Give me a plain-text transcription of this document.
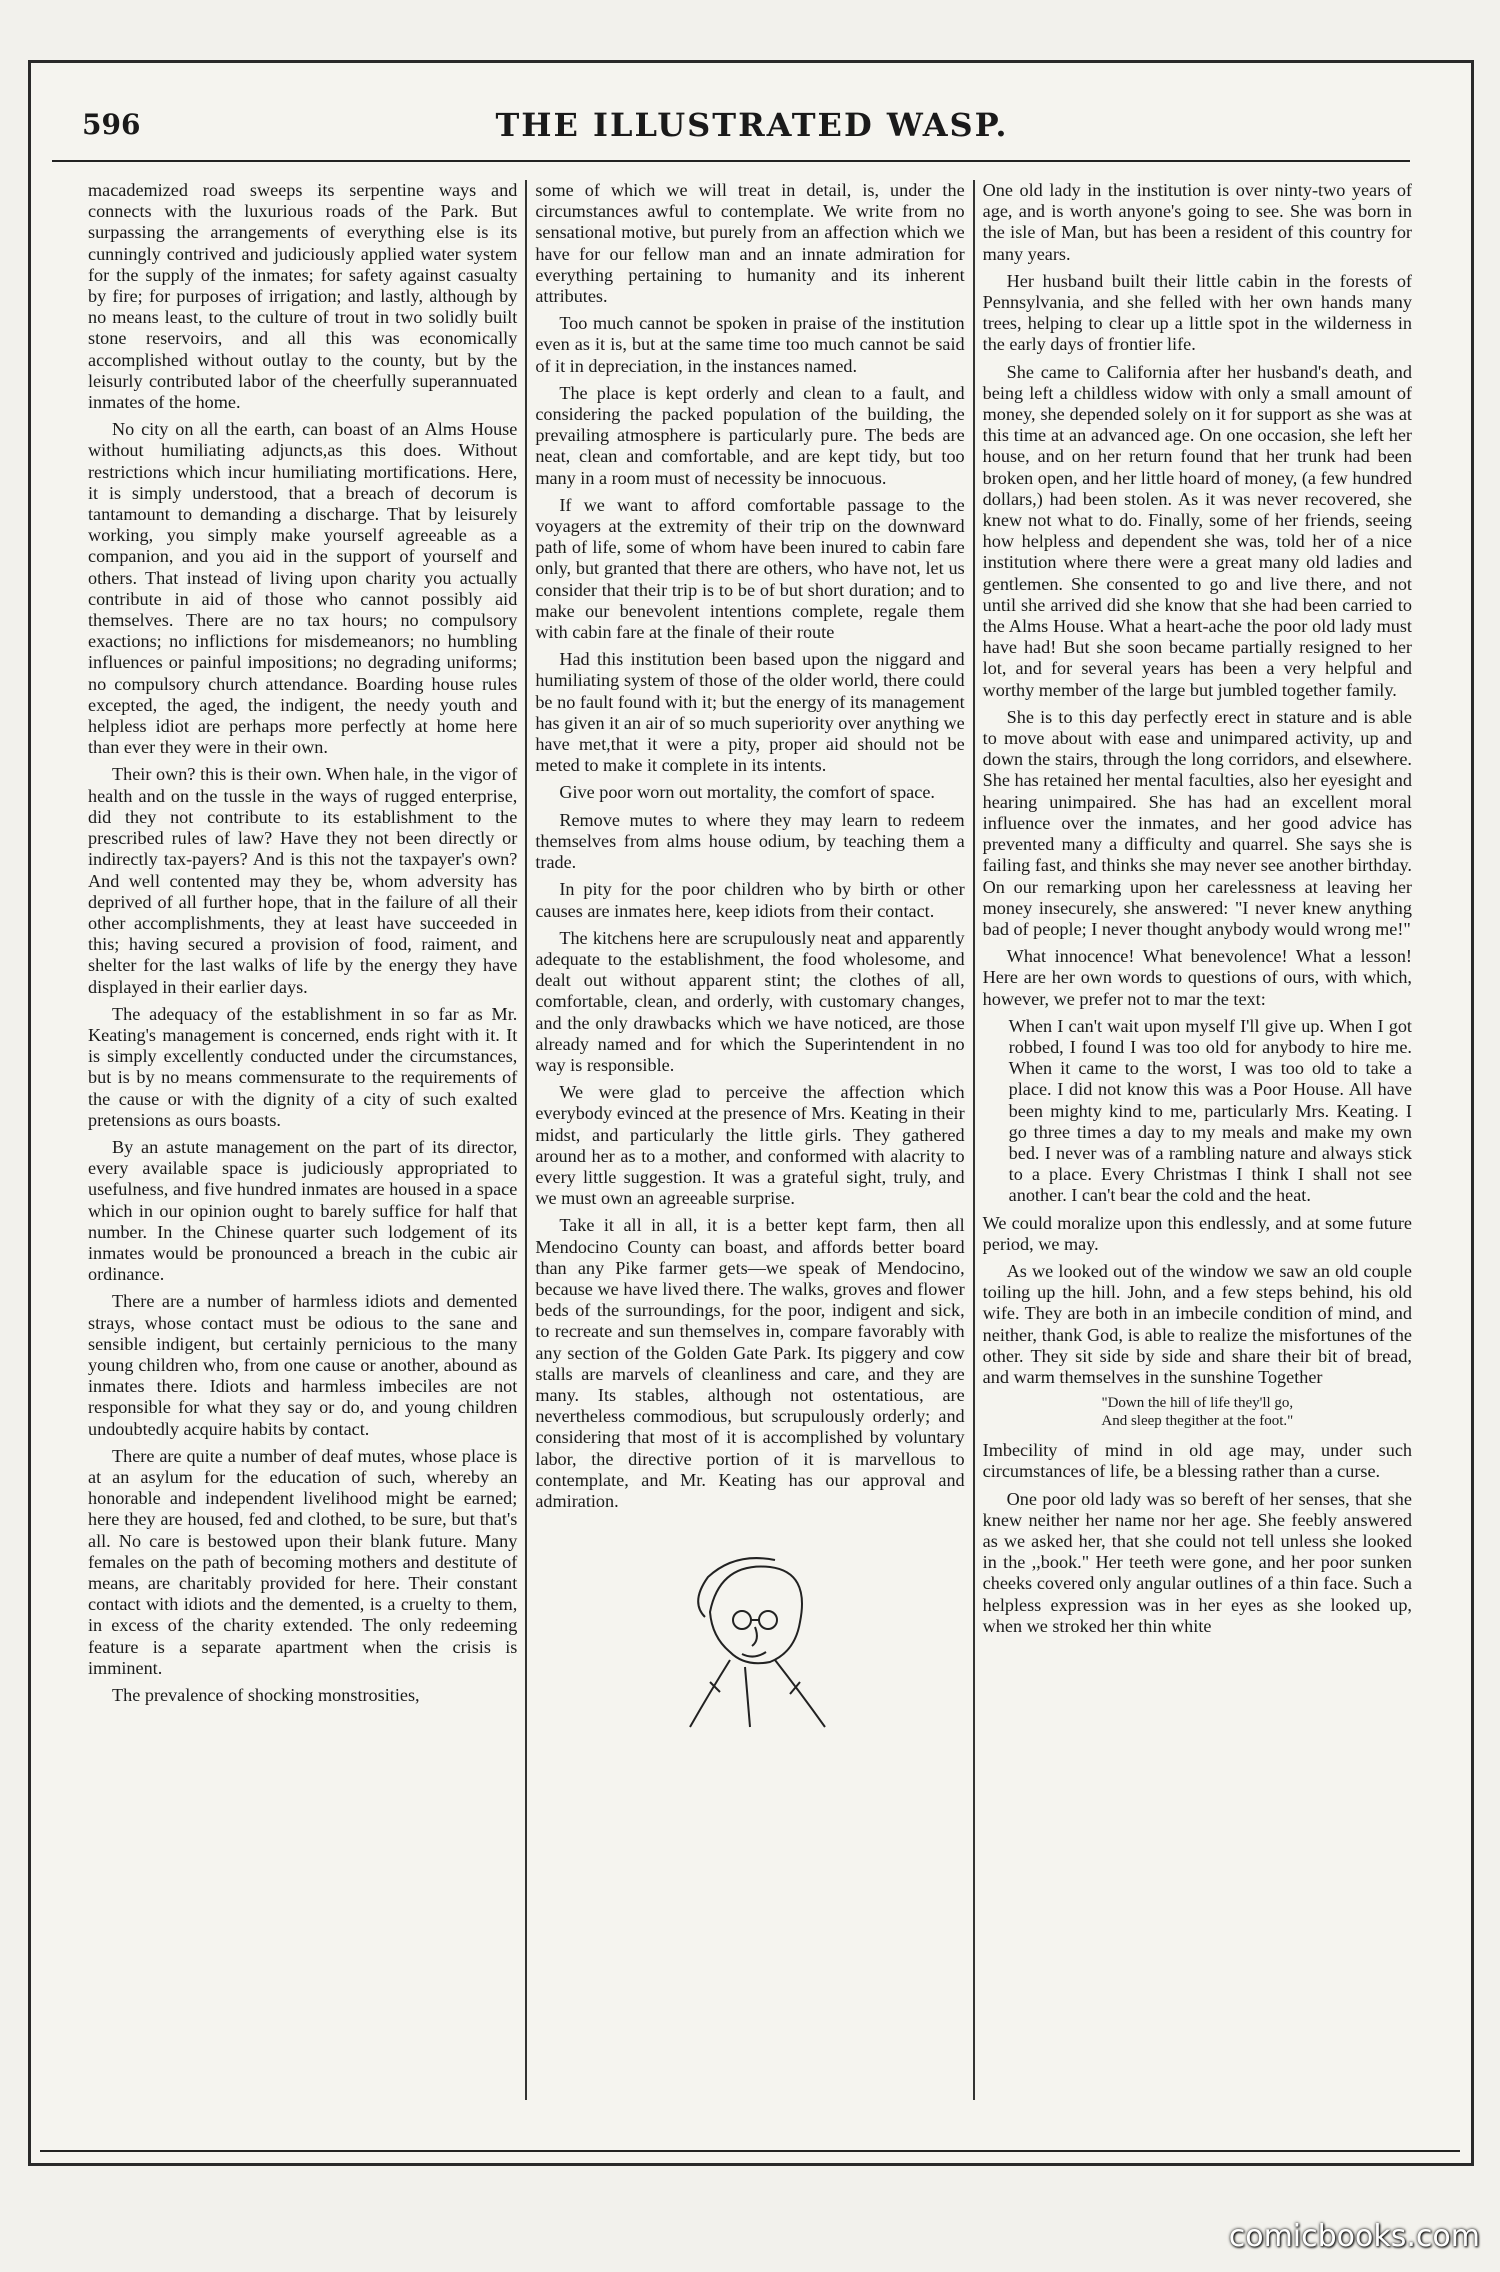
596	THE ILLUSTRATED WASP.

macademized road sweeps its serpentine ways and connects with the luxurious roads of the Park. But surpassing the arrangements of everything else is its cunningly contrived and judiciously applied water system for the supply of the inmates; for safety against casualty by fire; for purposes of irrigation; and lastly, although by no means least, to the culture of trout in two solidly built stone reservoirs, and all this was economically accomplished without outlay to the county, but by the leisurly contributed labor of the cheerfully superannuated inmates of the home.

No city on all the earth, can boast of an Alms House without humiliating adjuncts,as this does. Without restrictions which incur humiliating mortifications. Here, it is simply understood, that a breach of decorum is tantamount to demanding a discharge. That by leisurely working, you simply make yourself agreeable as a companion, and you aid in the support of yourself and others. That instead of living upon charity you actually contribute in aid of those who cannot possibly aid themselves. There are no tax hours; no compulsory exactions; no inflictions for misdemeanors; no humbling influences or painful impositions; no degrading uniforms; no compulsory church attendance. Boarding house rules excepted, the aged, the indigent, the needy youth and helpless idiot are perhaps more perfectly at home here than ever they were in their own.

Their own? this is their own. When hale, in the vigor of health and on the tussle in the ways of rugged enterprise, did they not contribute to its establishment to the prescribed rules of law? Have they not been directly or indirectly tax-payers? And is this not the taxpayer's own? And well contented may they be, whom adversity has deprived of all further hope, that in the failure of all their other accomplishments, they at least have succeeded in this; having secured a provision of food, raiment, and shelter for the last walks of life by the energy they have displayed in their earlier days.

The adequacy of the establishment in so far as Mr. Keating's management is concerned, ends right with it. It is simply excellently conducted under the circumstances, but is by no means commensurate to the requirements of the cause or with the dignity of a city of such exalted pretensions as ours boasts.

By an astute management on the part of its director, every available space is judiciously appropriated to usefulness, and five hundred inmates are housed in a space which in our opinion ought to barely suffice for half that number. In the Chinese quarter such lodgement of its inmates would be pronounced a breach in the cubic air ordinance.

There are a number of harmless idiots and demented strays, whose contact must be odious to the sane and sensible indigent, but certainly pernicious to the many young children who, from one cause or another, abound as inmates there. Idiots and harmless imbeciles are not responsible for what they say or do, and young children undoubtedly acquire habits by contact.

There are quite a number of deaf mutes, whose place is at an asylum for the education of such, whereby an honorable and independent livelihood might be earned; here they are housed, fed and clothed, to be sure, but that's all. No care is bestowed upon their blank future. Many females on the path of becoming mothers and destitute of means, are charitably provided for here. Their constant contact with idiots and the demented, is a cruelty to them, in excess of the charity extended. The only redeeming feature is a separate apartment when the crisis is imminent.

The prevalence of shocking monstrosities,

some of which we will treat in detail, is, under the circumstances awful to contemplate. We write from no sensational motive, but purely from an affection which we have for our fellow man and an innate admiration for everything pertaining to humanity and its inherent attributes.

Too much cannot be spoken in praise of the institution even as it is, but at the same time too much cannot be said of it in depreciation, in the instances named.

The place is kept orderly and clean to a fault, and considering the packed population of the building, the prevailing atmosphere is particularly pure. The beds are neat, clean and comfortable, and are kept tidy, but too many in a room must of necessity be innocuous.

If we want to afford comfortable passage to the voyagers at the extremity of their trip on the downward path of life, some of whom have been inured to cabin fare only, but granted that there are others, who have not, let us consider that their trip is to be of but short duration; and to make our benevolent intentions complete, regale them with cabin fare at the finale of their route

Had this institution been based upon the niggard and humiliating system of those of the older world, there could be no fault found with it; but the energy of its management has given it an air of so much superiority over anything we have met,that it were a pity, proper aid should not be meted to make it complete in its intents.

Give poor worn out mortality, the comfort of space.

Remove mutes to where they may learn to redeem themselves from alms house odium, by teaching them a trade.

In pity for the poor children who by birth or other causes are inmates here, keep idiots from their contact.

The kitchens here are scrupulously neat and apparently adequate to the establishment, the food wholesome, and dealt out without apparent stint; the clothes of all, comfortable, clean, and orderly, with customary changes, and the only drawbacks which we have noticed, are those already named and for which the Superintendent in no way is responsible.

We were glad to perceive the affection which everybody evinced at the presence of Mrs. Keating in their midst, and particularly the little girls. They gathered around her as to a mother, and conformed with alacrity to every little suggestion. It was a grateful sight, truly, and we must own an agreeable surprise.

Take it all in all, it is a better kept farm, then all Mendocino County can boast, and affords better board than any Pike farmer gets—we speak of Mendocino, because we have lived there. The walks, groves and flower beds of the surroundings, for the poor, indigent and sick, to recreate and sun themselves in, compare favorably with any section of the Golden Gate Park. Its piggery and cow stalls are marvels of cleanliness and care, and they are many. Its stables, although not ostentatious, are nevertheless commodious, but scrupulously orderly; and considering that most of it is accomplished by voluntary labor, the directive portion of it is marvellous to contemplate, and Mr. Keating has our approval and admiration.

One old lady in the institution is over ninty-two years of age, and is worth anyone's going to see. She was born in the isle of Man, but has been a resident of this country for many years.

Her husband built their little cabin in the forests of Pennsylvania, and she felled with her own hands many trees, helping to clear up a little spot in the wilderness in the early days of frontier life.

She came to California after her husband's death, and being left a childless widow with only a small amount of money, she depended solely on it for support as she was at this time at an advanced age. On one occasion, she left her house, and on her return found that her trunk had been broken open, and her little hoard of money, (a few hundred dollars,) had been stolen. As it was never recovered, she knew not what to do. Finally, some of her friends, seeing how helpless and dependent she was, told her of a nice institution where there were a great many old ladies and gentlemen. She consented to go and live there, and not until she arrived did she know that she had been carried to the Alms House. What a heart-ache the poor old lady must have had! But she soon became partially resigned to her lot, and for several years has been a very helpful and worthy member of the large but jumbled together family.

She is to this day perfectly erect in stature and is able to move about with ease and unimpared activity, up and down the stairs, through the long corridors, and elsewhere. She has retained her mental faculties, also her eyesight and hearing unimpaired. She has had an excellent moral influence over the inmates, and her good advice has prevented many a difficulty and quarrel. She says she is failing fast, and thinks she may never see another birthday. On our remarking upon her carelessness at leaving her money insecurely, she answered: "I never knew anything bad of people; I never thought anybody would wrong me!"

What innocence! What benevolence! What a lesson! Here are her own words to questions of ours, with which, however, we prefer not to mar the text:

When I can't wait upon myself I'll give up. When I got robbed, I found I was too old for anybody to hire me. When it came to the worst, I was too old to take a place. I did not know this was a Poor House. All have been mighty kind to me, particularly Mrs. Keating. I go three times a day to my meals and make my own bed. I never was of a rambling nature and always stick to a place. Every Christmas I think I shall not see another. I can't bear the cold and the heat.

We could moralize upon this endlessly, and at some future period, we may.

As we looked out of the window we saw an old couple toiling up the hill. John, and a few steps behind, his old wife. They are both in an imbecile condition of mind, and neither, thank God, is able to realize the misfortunes of the other. They sit side by side and share their bit of bread, and warm themselves in the sunshine Together

"Down the hill of life they'll go,
And sleep thegither at the foot."

Imbecility of mind in old age may, under such circumstances of life, be a blessing rather than a curse.

One poor old lady was so bereft of her senses, that she knew neither her name nor her age. She feebly answered as we asked her, that she could not tell unless she looked in the ,,book." Her teeth were gone, and her poor sunken cheeks covered only angular outlines of a thin face. Such a helpless expression was in her eyes as she looked up, when we stroked her thin white

comicbooks.com
